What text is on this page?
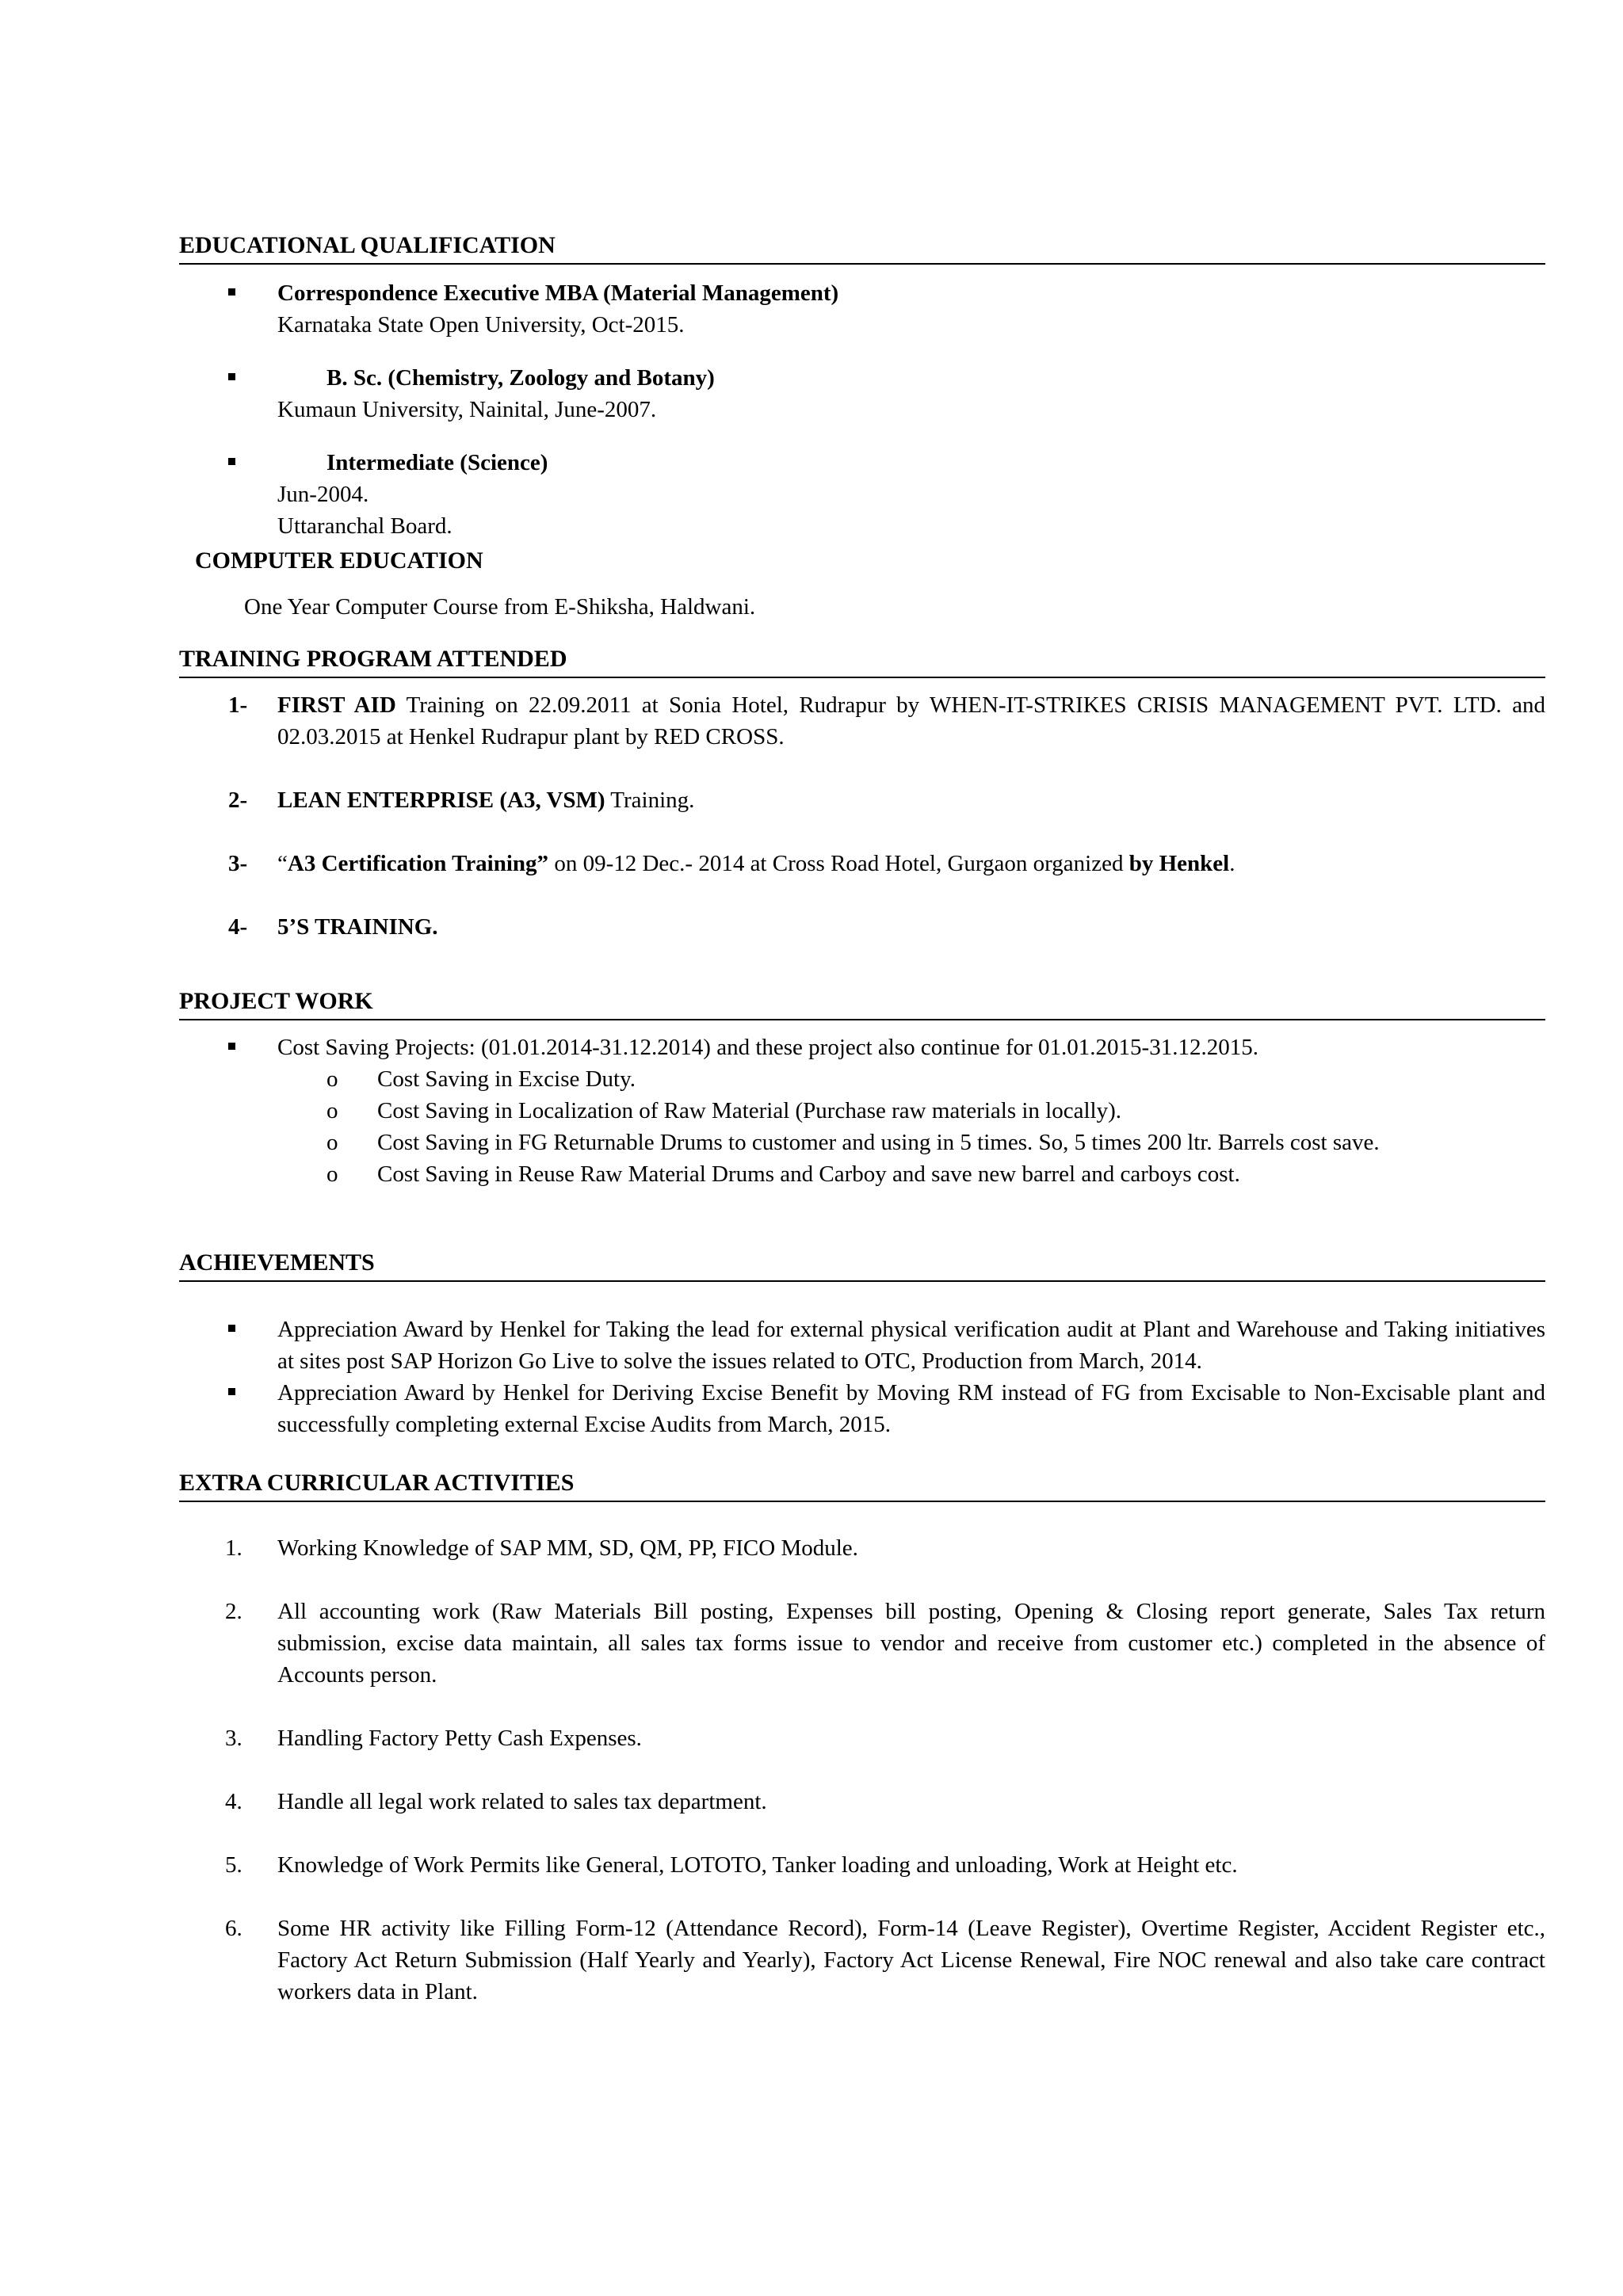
EDUCATIONAL QUALIFICATION
Correspondence Executive MBA (Material Management)
Karnataka State Open University, Oct-2015.
B. Sc. (Chemistry, Zoology and Botany)
Kumaun University, Nainital, June-2007.
Intermediate (Science)
Jun-2004.
Uttaranchal Board.
COMPUTER EDUCATION
One Year Computer Course from E-Shiksha, Haldwani.
TRAINING PROGRAM ATTENDED
1- FIRST AID Training on 22.09.2011 at Sonia Hotel, Rudrapur by WHEN-IT-STRIKES CRISIS MANAGEMENT PVT. LTD. and 02.03.2015 at Henkel Rudrapur plant by RED CROSS.
2- LEAN ENTERPRISE (A3, VSM) Training.
3- “A3 Certification Training” on 09-12 Dec.- 2014 at Cross Road Hotel, Gurgaon organized by Henkel.
4- 5’S TRAINING.
PROJECT WORK
Cost Saving Projects: (01.01.2014-31.12.2014) and these project also continue for 01.01.2015-31.12.2015.
o Cost Saving in Excise Duty.
o Cost Saving in Localization of Raw Material (Purchase raw materials in locally).
o Cost Saving in FG Returnable Drums to customer and using in 5 times. So, 5 times 200 ltr. Barrels cost save.
o Cost Saving in Reuse Raw Material Drums and Carboy and save new barrel and carboys cost.
ACHIEVEMENTS
Appreciation Award by Henkel for Taking the lead for external physical verification audit at Plant and Warehouse and Taking initiatives at sites post SAP Horizon Go Live to solve the issues related to OTC, Production from March, 2014.
Appreciation Award by Henkel for Deriving Excise Benefit by Moving RM instead of FG from Excisable to Non-Excisable plant and successfully completing external Excise Audits from March, 2015.
EXTRA CURRICULAR ACTIVITIES
1. Working Knowledge of SAP MM, SD, QM, PP, FICO Module.
2. All accounting work (Raw Materials Bill posting, Expenses bill posting, Opening & Closing report generate, Sales Tax return submission, excise data maintain, all sales tax forms issue to vendor and receive from customer etc.) completed in the absence of Accounts person.
3. Handling Factory Petty Cash Expenses.
4. Handle all legal work related to sales tax department.
5. Knowledge of Work Permits like General, LOTOTO, Tanker loading and unloading, Work at Height etc.
6. Some HR activity like Filling Form-12 (Attendance Record), Form-14 (Leave Register), Overtime Register, Accident Register etc., Factory Act Return Submission (Half Yearly and Yearly), Factory Act License Renewal, Fire NOC renewal and also take care contract workers data in Plant.
